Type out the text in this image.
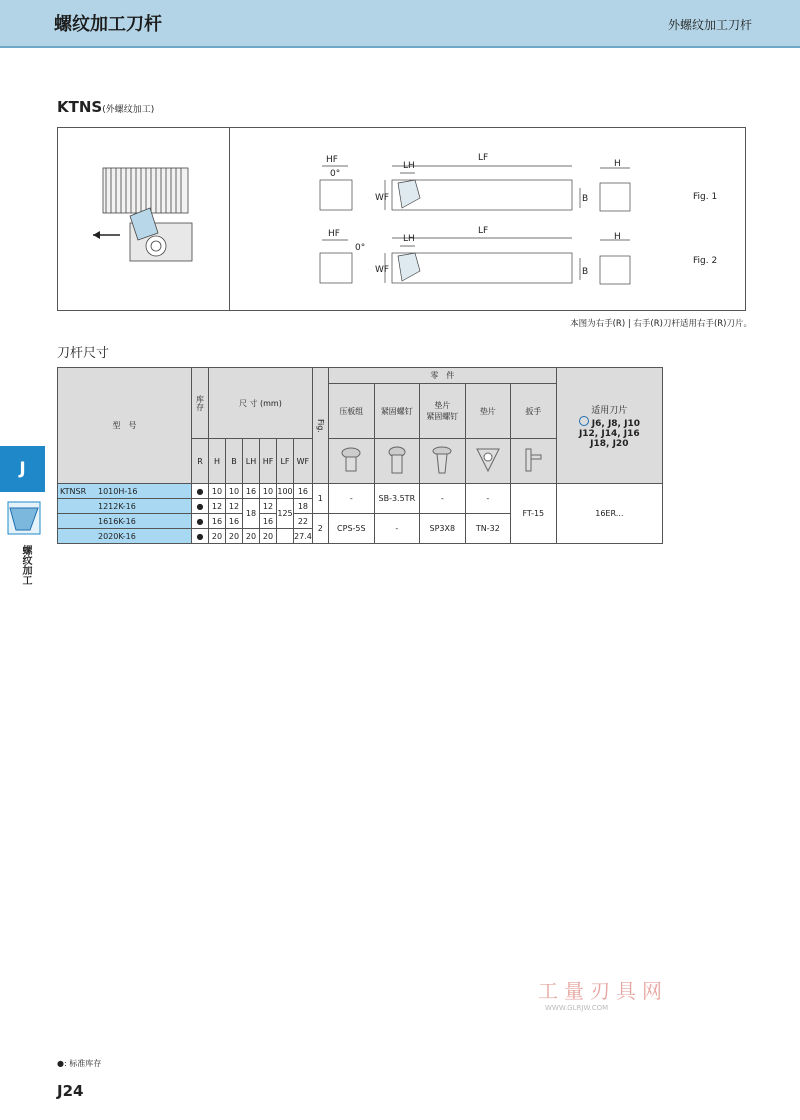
螺纹加工刀杆	外螺纹加工刀杆
KTNS(外螺纹加工)
HF
0°
LH
LF
H
WF	B	Fig. 1
HF
0°
LH
LF
H
WF	B
Fig. 2
本图为右手(R) | 右手(R)刀杆适用右手(R)刀片。
刀杆尺寸
型　号	库存	尺 寸 (mm)						Fig.	零　件					适用刀片
J6, J8, J10
J12, J14, J16
J18, J20

									压板组	紧固螺钉	垫片
紧固螺钉	垫片	扳手	
	R	H	B	LH	HF	LF	WF					
KTNSR 1010H-16	●	10	10	16	10	100	16	1	-	SB-3.5TR	-	-	FT-15	16ER...
1212K-16	●	12	12	18	12	125	18							
1616K-16	●	16	16		16		22	2	CPS-5S	-	SP3X8	TN-32		
2020K-16	●	20	20	20	20		27.4							
J
螺纹加工
工量刃具网
WWW.GLRJW.COM
●: 标准库存
J24
